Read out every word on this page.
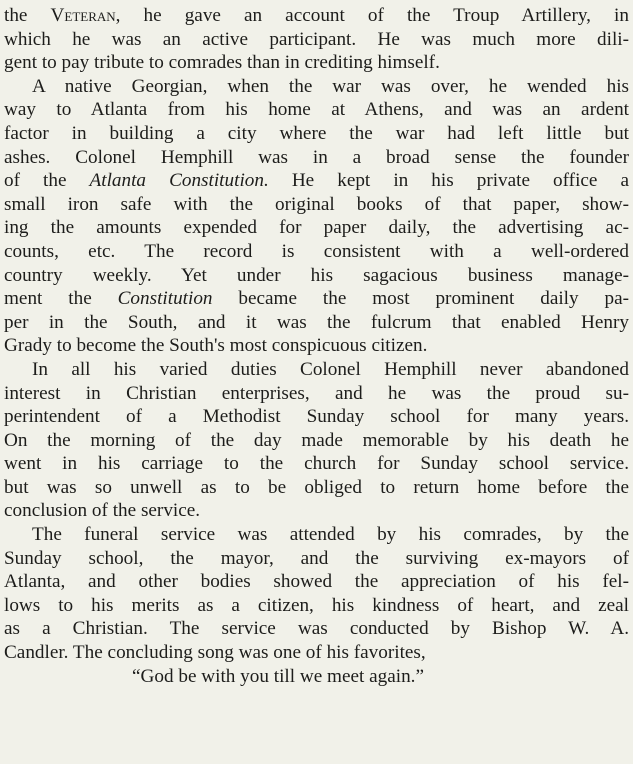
the Veteran, he gave an account of the Troup Artillery, in

which he was an active participant. He was much more dili-

gent to pay tribute to comrades than in crediting himself.

A native Georgian, when the war was over, he wended his

way to Atlanta from his home at Athens, and was an ardent

factor in building a city where the war had left little but

ashes. Colonel Hemphill was in a broad sense the founder

of the Atlanta Constitution. He kept in his private office a

small iron safe with the original books of that paper, show-

ing the amounts expended for paper daily, the advertising ac-

counts, etc. The record is consistent with a well-ordered

country weekly. Yet under his sagacious business manage-

ment the Constitution became the most prominent daily pa-

per in the South, and it was the fulcrum that enabled Henry

Grady to become the South's most conspicuous citizen.

In all his varied duties Colonel Hemphill never abandoned

interest in Christian enterprises, and he was the proud su-

perintendent of a Methodist Sunday school for many years.

On the morning of the day made memorable by his death he

went in his carriage to the church for Sunday school service.

but was so unwell as to be obliged to return home before the

conclusion of the service.

The funeral service was attended by his comrades, by the

Sunday school, the mayor, and the surviving ex-mayors of

Atlanta, and other bodies showed the appreciation of his fel-

lows to his merits as a citizen, his kindness of heart, and zeal

as a Christian. The service was conducted by Bishop W. A.

Candler. The concluding song was one of his favorites,

“God be with you till we meet again.”
